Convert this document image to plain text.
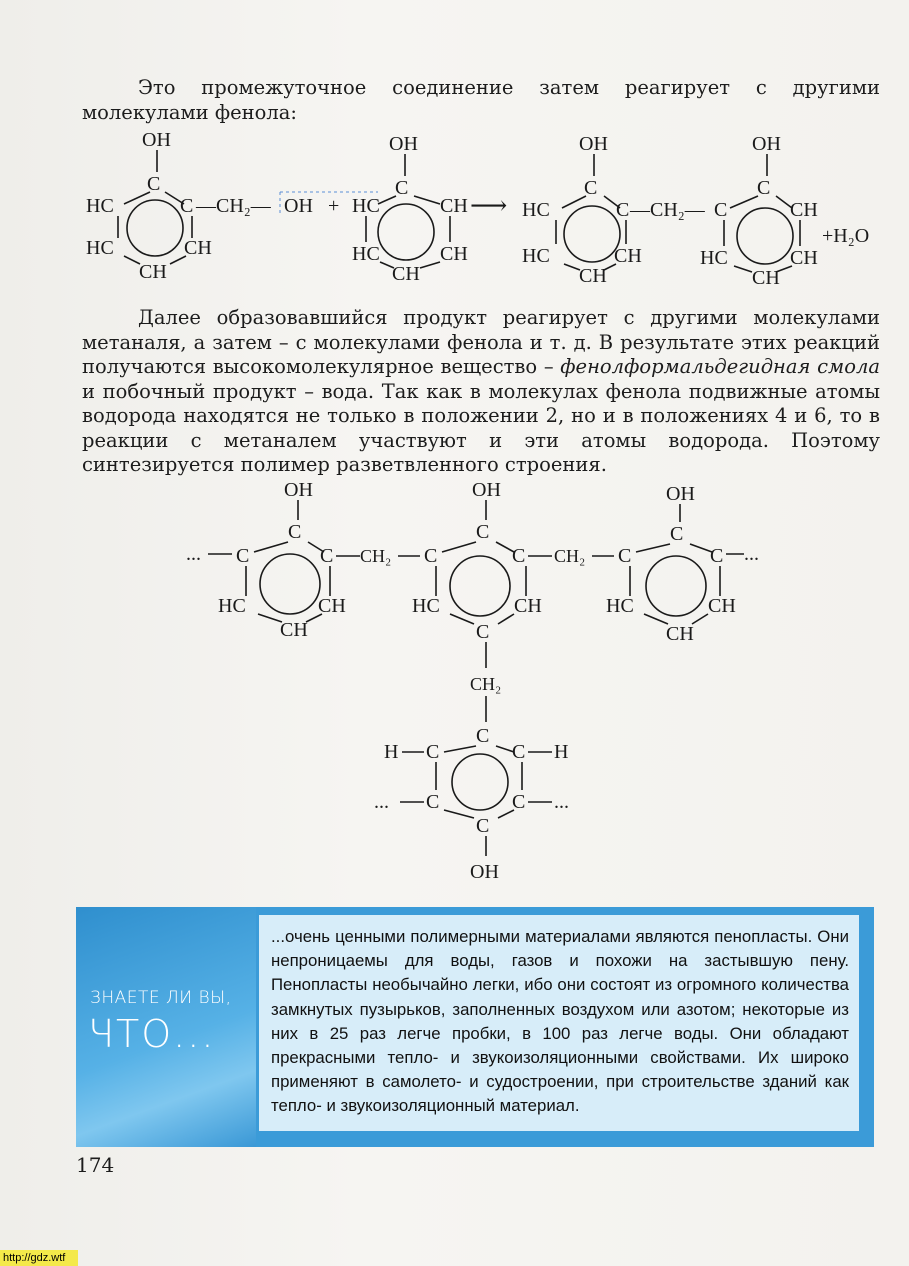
Это промежуточное соединение затем реагирует с другими молекулами фенола:

OH
C
HC
HC	CH
CH
C —CH₂— OH +
OH
C
HC	CH
HC	CH
CH
⟶
OH
C
HC	C
HC	CH
CH
—CH₂—
OH
C
C	CH
HC	CH
CH
+H₂O

Далее образовавшийся продукт реагирует с другими молекулами метаналя, а затем – с молекулами фенола и т. д. В результате этих реакций получаются высокомолекулярное вещество – фенолформальдегидная смола и побочный продукт – вода. Так как в молекулах фенола подвижные атомы водорода находятся не только в положении 2, но и в положениях 4 и 6, то в реакции с метаналем участвуют и эти атомы водорода. Поэтому синтезируется полимер разветвленного строения.

OH
C
... C	C
HC	CH
CH
CH₂
OH
C
C	C
HC	CH
C
CH₂
OH
C
C	C ...
HC	CH
CH
CH₂
C
H C	C H
... C	C ...
C
OH
ЗНАЕТЕ ЛИ ВЫ,
ЧТО...
...очень ценными полимерными материалами являются пенопласты. Они непроницаемы для воды, газов и похожи на застывшую пену. Пенопласты необычайно легки, ибо они состоят из огромного количества замкнутых пузырьков, заполненных воздухом или азотом; некоторые из них в 25 раз легче пробки, в 100 раз легче воды. Они обладают прекрасными тепло- и звукоизоляционными свойствами. Их широко применяют в самолето- и судостроении, при строительстве зданий как тепло- и звукоизоляционный материал.
174
http://gdz.wtf
